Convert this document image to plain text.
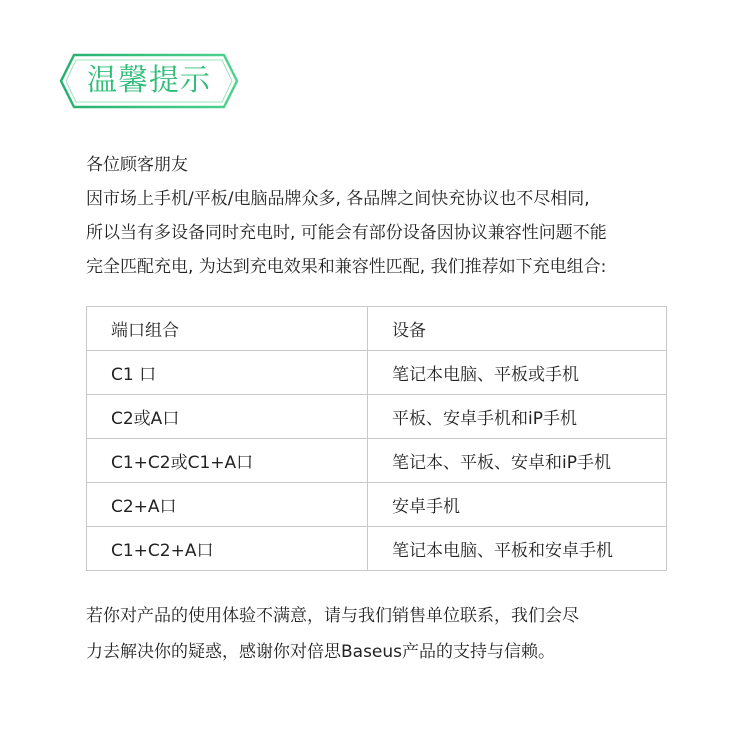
温馨提示

各位顾客朋友

因市场上手机/平板/电脑品牌众多, 各品牌之间快充协议也不尽相同,

所以当有多设备同时充电时, 可能会有部份设备因协议兼容性问题不能

完全匹配充电, 为达到充电效果和兼容性匹配, 我们推荐如下充电组合:

端口组合	设备
C1 口	笔记本电脑、平板或手机
C2或A口	平板、安卓手机和iP手机
C1+C2或C1+A口	笔记本、平板、安卓和iP手机
C2+A口	安卓手机
C1+C2+A口	笔记本电脑、平板和安卓手机

若你对产品的使用体验不满意，请与我们销售单位联系，我们会尽

力去解决你的疑惑，感谢你对倍思Baseus产品的支持与信赖。
